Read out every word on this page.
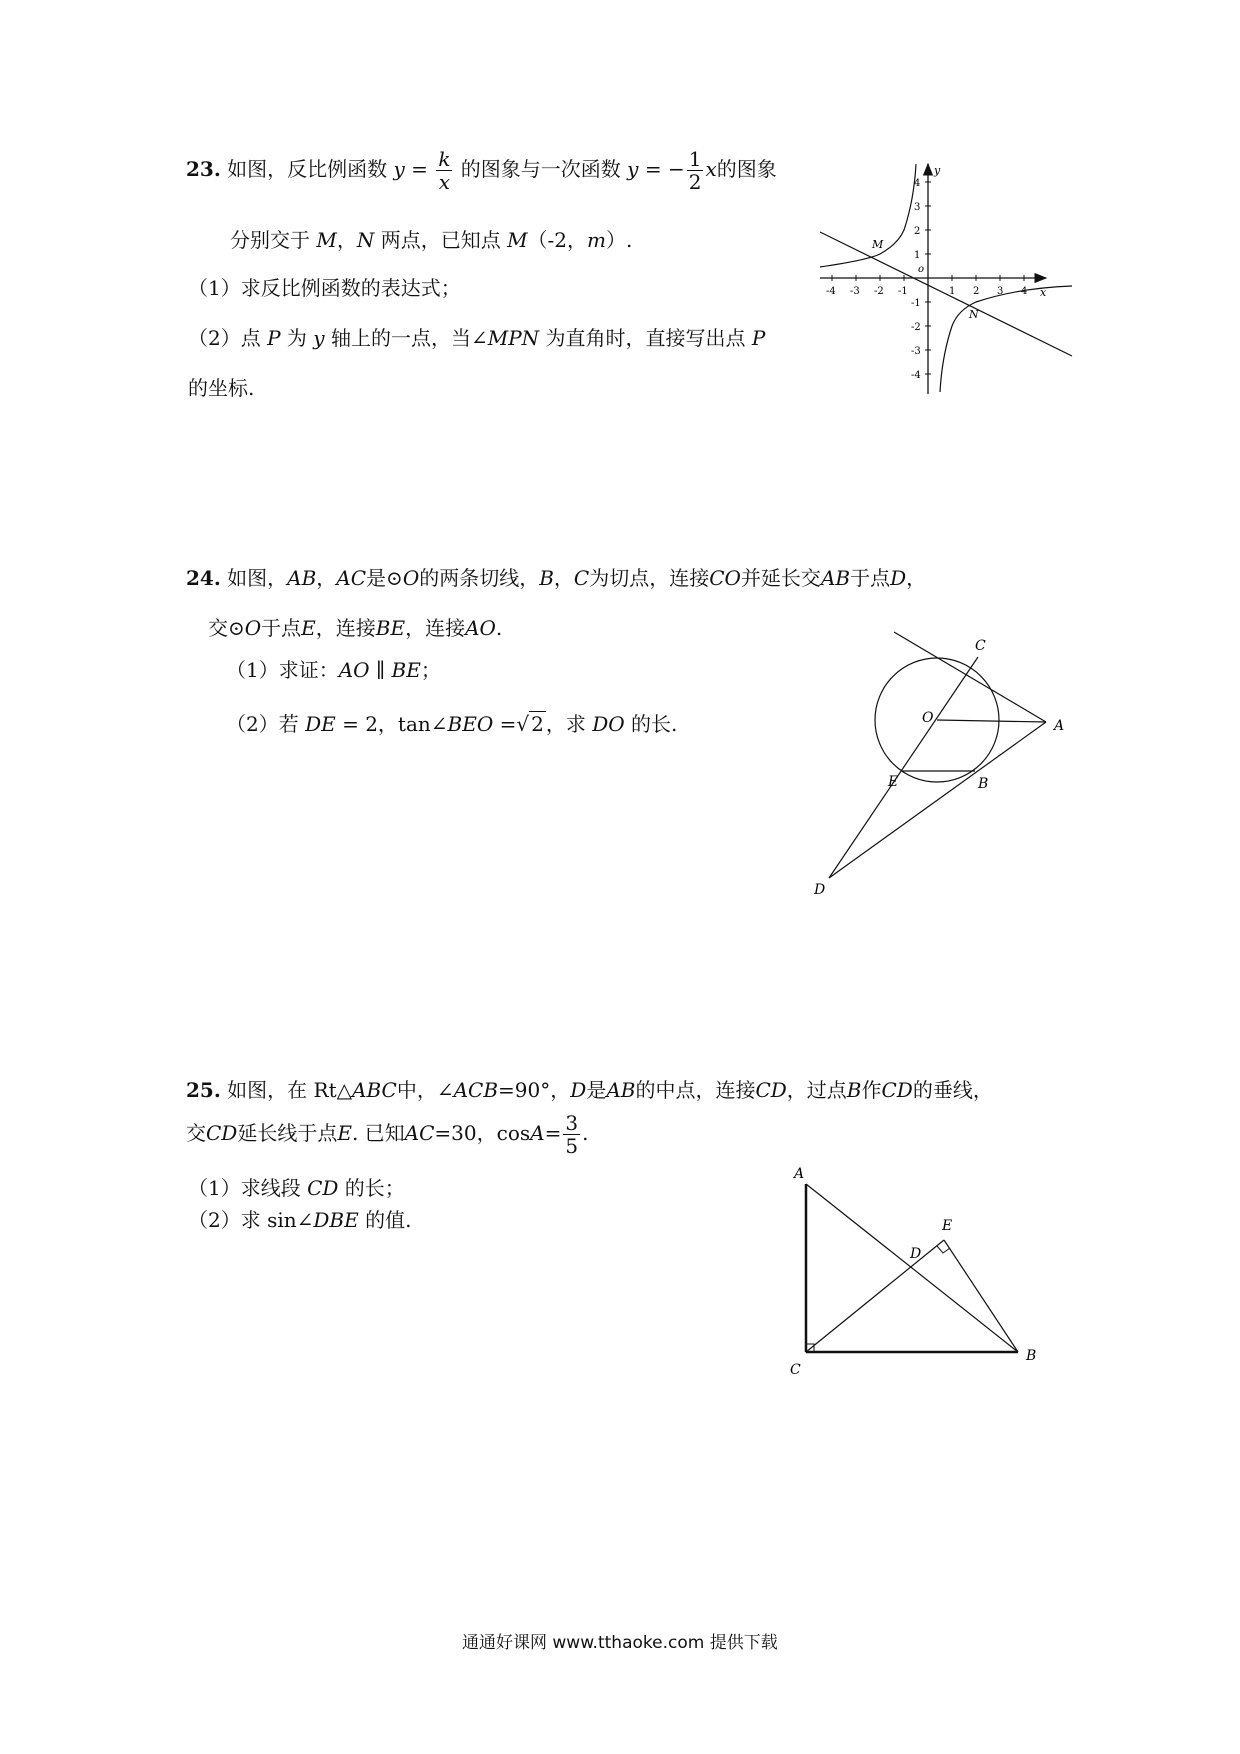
23. 如图，反比例函数 $y = \frac{k}{x}$ 的图象与一次函数 y = − $\frac{1}{2}$ x的图象
分别交于 M，N 两点，已知点 M（-2，m）.
（1）求反比例函数的表达式；
（2）点 P 为 y 轴上的一点，当∠MPN 为直角时，直接写出点 P
的坐标.
-4 -3 -2 -1	1 2 3 4
4
3
2
1
-1
-2
-3
-4
o
x
y
M
N
24. 如图，AB，AC是⊙O的两条切线，B，C为切点，连接CO并延长交AB于点D，
交⊙O于点E，连接BE，连接AO.
（1）求证：AO ∥ BE；
（2）若 DE = 2，tan∠BEO =√ 2 ，求 DO 的长.
C
O	A
E	B
D
25. 如图，在 Rt△ABC中，∠ACB=90°，D是AB的中点，连接CD，过点B作CD的垂线，
交CD延长线于点E. 已知AC=30，$\cos A= \frac{3}{5}$ .
（1）求线段 CD 的长；
（2）求 sin∠DBE 的值.
A
E
D
C
B
通通好课网 www.tthaoke.com 提供下载
